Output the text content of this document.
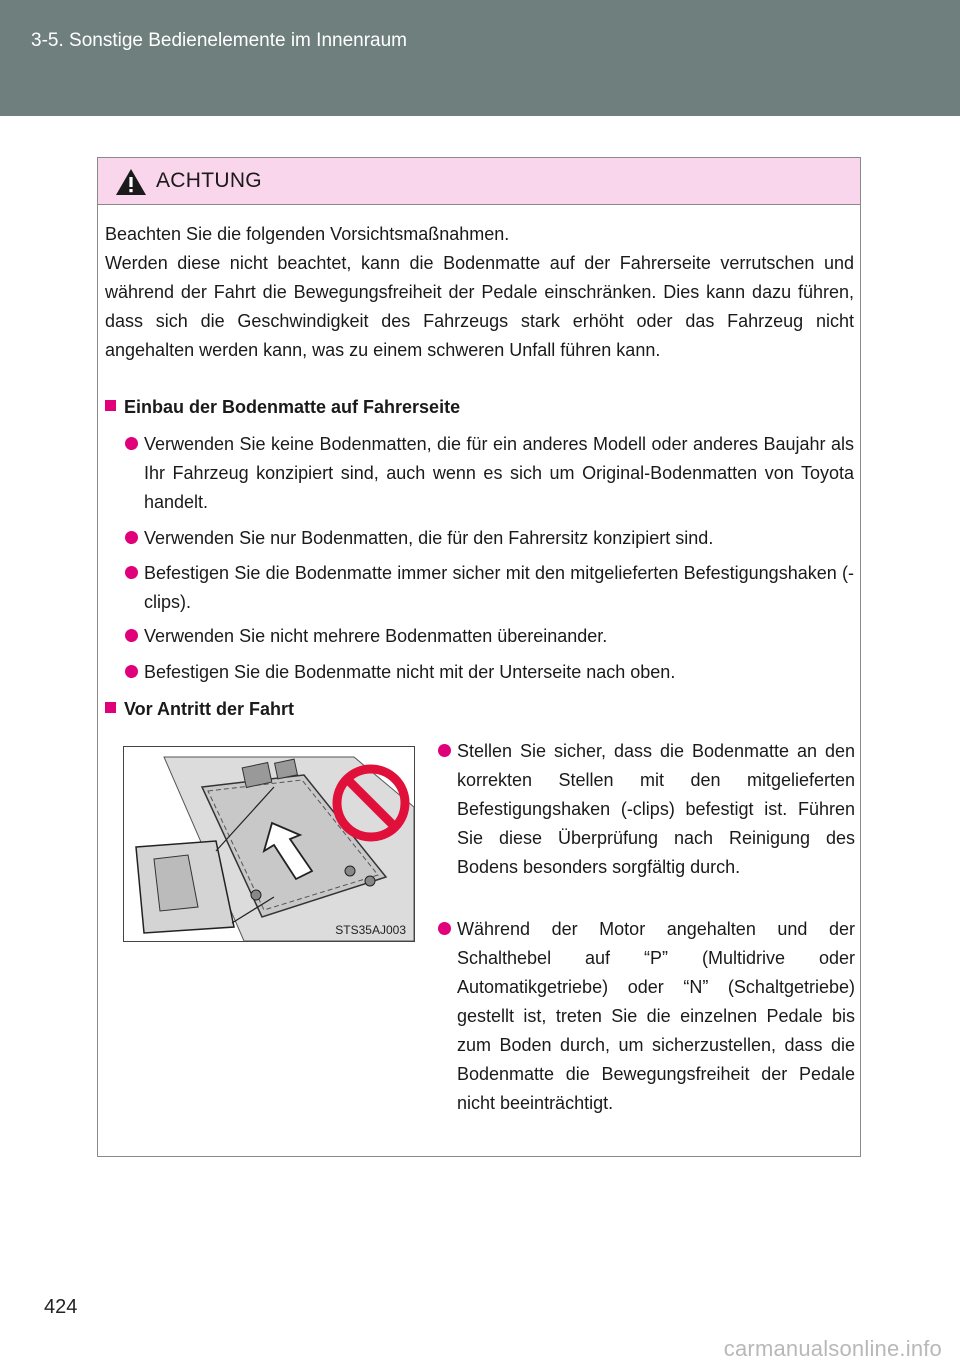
3-5. Sonstige Bedienelemente im Innenraum
ACHTUNG
Beachten Sie die folgenden Vorsichtsmaßnahmen.
Werden diese nicht beachtet, kann die Bodenmatte auf der Fahrerseite verrutschen und während der Fahrt die Bewegungsfreiheit der Pedale einschränken. Dies kann dazu führen, dass sich die Geschwindigkeit des Fahrzeugs stark erhöht oder das Fahrzeug nicht angehalten werden kann, was zu einem schweren Unfall führen kann.
Einbau der Bodenmatte auf Fahrerseite
Verwenden Sie keine Bodenmatten, die für ein anderes Modell oder anderes Baujahr als Ihr Fahrzeug konzipiert sind, auch wenn es sich um Original-Bodenmatten von Toyota handelt.
Verwenden Sie nur Bodenmatten, die für den Fahrersitz konzipiert sind.
Befestigen Sie die Bodenmatte immer sicher mit den mitgelieferten Befestigungshaken (-clips).
Verwenden Sie nicht mehrere Bodenmatten übereinander.
Befestigen Sie die Bodenmatte nicht mit der Unterseite nach oben.
Vor Antritt der Fahrt
STS35AJ003
Stellen Sie sicher, dass die Bodenmatte an den korrekten Stellen mit den mitgelieferten Befestigungshaken (-clips) befestigt ist. Führen Sie diese Überprüfung nach Reinigung des Bodens besonders sorgfältig durch.
Während der Motor angehalten und der Schalthebel auf “P” (Multidrive oder Automatikgetriebe) oder “N” (Schaltgetriebe) gestellt ist, treten Sie die einzelnen Pedale bis zum Boden durch, um sicherzustellen, dass die Bodenmatte die Bewegungsfreiheit der Pedale nicht beeinträchtigt.
424
carmanualsonline.info
